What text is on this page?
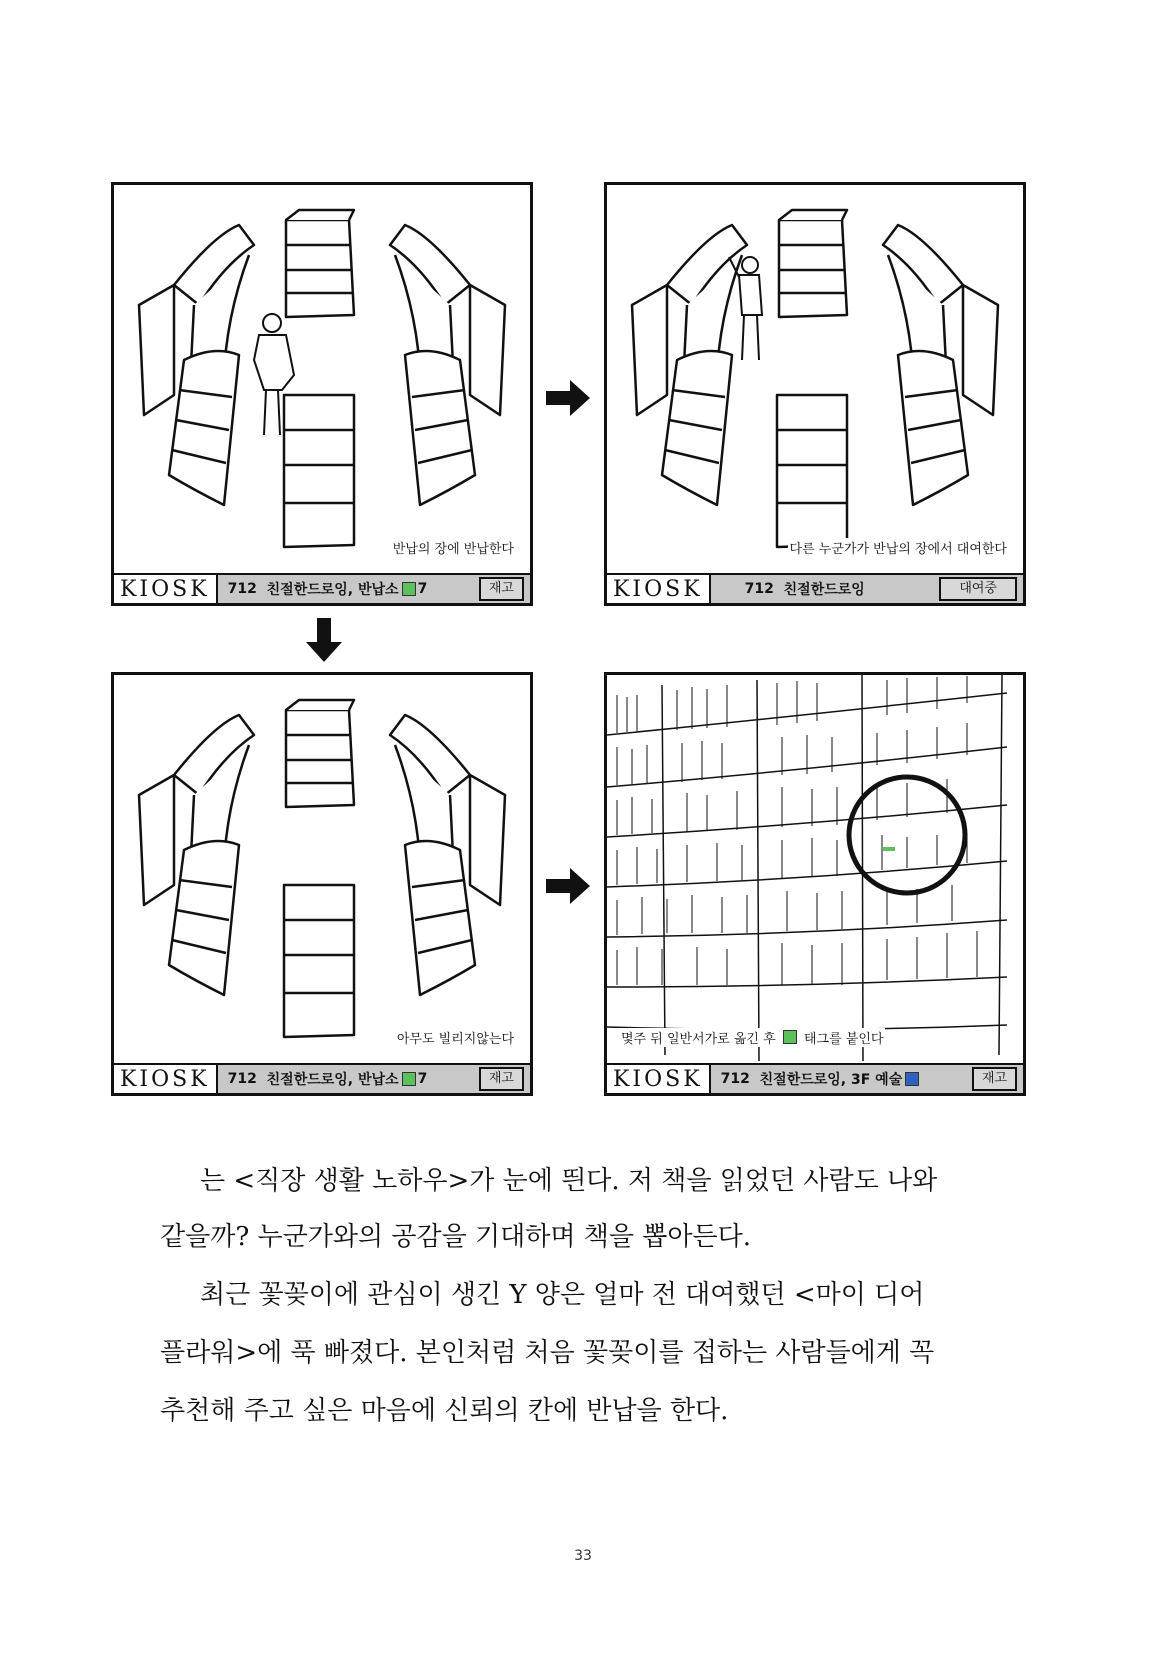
반납의 장에 반납한다
KIOSK	712
친절한드로잉, 반납소 7	재고
다른 누군가가 반납의 장에서 대여한다
KIOSK	712
친절한드로잉	대여중
아무도 빌리지않는다
KIOSK	712
친절한드로잉, 반납소 7	재고
몇주 뒤 일반서가로 옮긴 후 태그를 붙인다
KIOSK	712
친절한드로잉, 3F 예술	재고
는 <직장 생활 노하우>가 눈에 띈다. 저 책을 읽었던 사람도 나와
같을까? 누군가와의 공감을 기대하며 책을 뽑아든다.
최근 꽃꽂이에 관심이 생긴 Y 양은 얼마 전 대여했던 <마이 디어
플라워>에 푹 빠졌다. 본인처럼 처음 꽃꽂이를 접하는 사람들에게 꼭
추천해 주고 싶은 마음에 신뢰의 칸에 반납을 한다.
33
